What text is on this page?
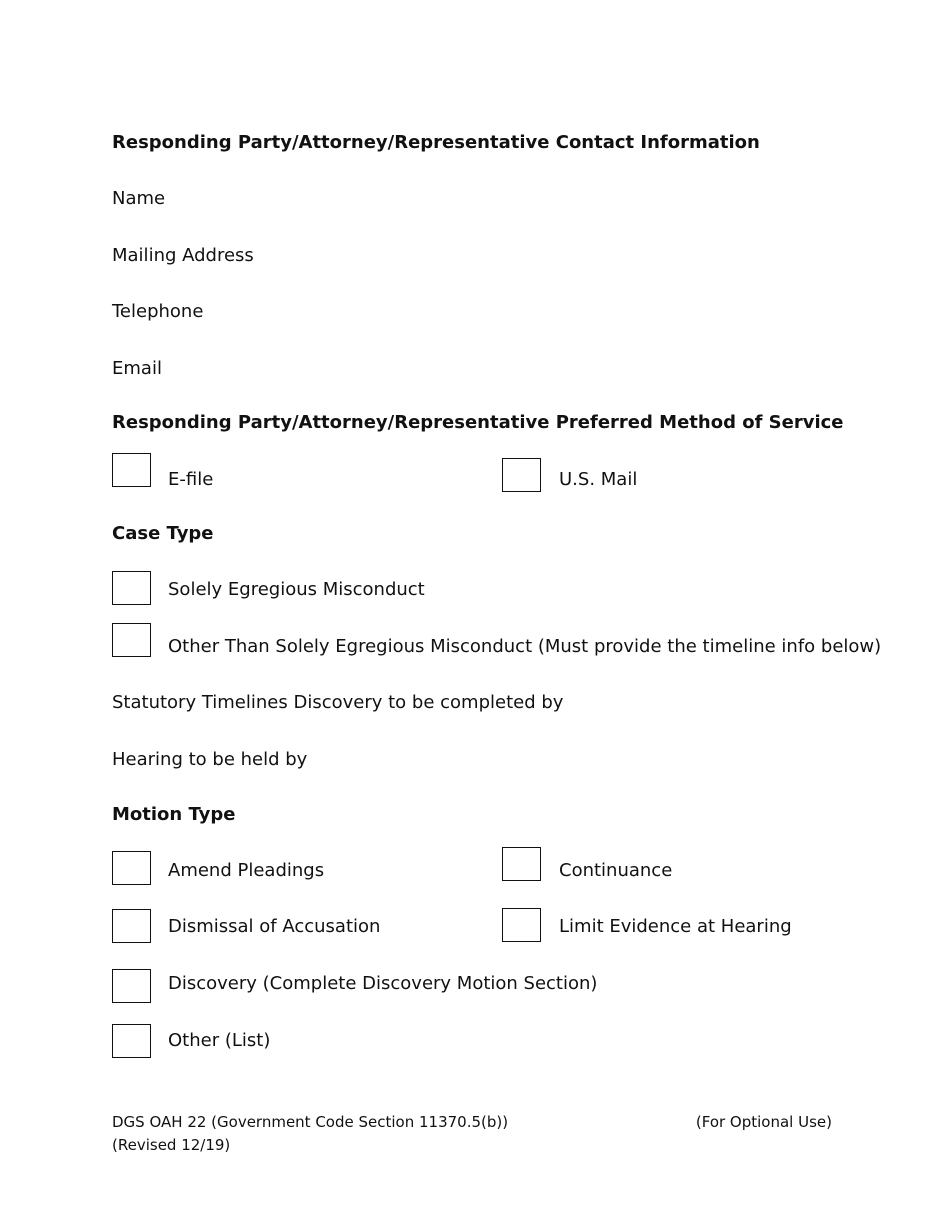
Responding Party/Attorney/Representative Contact Information
Name
Mailing Address
Telephone
Email
Responding Party/Attorney/Representative Preferred Method of Service
E-file	U.S. Mail
Case Type
Solely Egregious Misconduct
Other Than Solely Egregious Misconduct (Must provide the timeline info below)
Statutory Timelines Discovery to be completed by
Hearing to be held by
Motion Type
Amend Pleadings	Continuance
Dismissal of Accusation	Limit Evidence at Hearing
Discovery (Complete Discovery Motion Section)
Other (List)
DGS OAH 22 (Government Code Section 11370.5(b))
(Revised 12/19)
(For Optional Use)
